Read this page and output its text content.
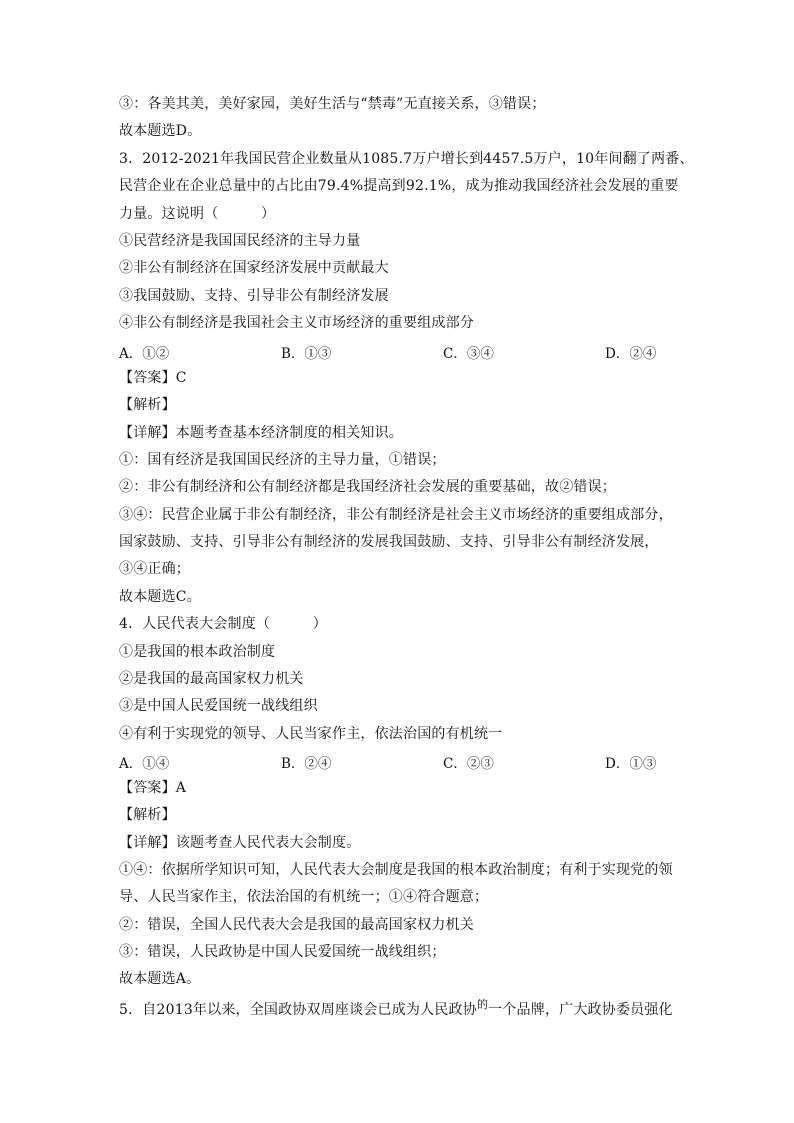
③：各美其美，美好家园，美好生活与“禁毒”无直接关系，③错误；
故本题选D。
3．2012-2021年我国民营企业数量从1085.7万户增长到4457.5万户，10年间翻了两番、
民营企业在企业总量中的占比由79.4%提高到92.1%，成为推动我国经济社会发展的重要
力量。这说明（　　　）
①民营经济是我国国民经济的主导力量
②非公有制经济在国家经济发展中贡献最大
③我国鼓励、支持、引导非公有制经济发展
④非公有制经济是我国社会主义市场经济的重要组成部分
A．①②	B．①③	C．③④	D．②④
【答案】C
【解析】
【详解】本题考查基本经济制度的相关知识。
①：国有经济是我国国民经济的主导力量，①错误；
②：非公有制经济和公有制经济都是我国经济社会发展的重要基础，故②错误；
③④：民营企业属于非公有制经济，非公有制经济是社会主义市场经济的重要组成部分，
国家鼓励、支持、引导非公有制经济的发展我国鼓励、支持、引导非公有制经济发展，
③④正确；
故本题选C。
4．人民代表大会制度（　　　）
①是我国的根本政治制度
②是我国的最高国家权力机关
③是中国人民爱国统一战线组织
④有利于实现党的领导、人民当家作主，依法治国的有机统一
A．①④	B．②④	C．②③	D．①③
【答案】A
【解析】
【详解】该题考查人民代表大会制度。
①④：依据所学知识可知，人民代表大会制度是我国的根本政治制度；有利于实现党的领
导、人民当家作主，依法治国的有机统一；①④符合题意；
②：错误，全国人民代表大会是我国的最高国家权力机关
③：错误，人民政协是中国人民爱国统一战线组织；
故本题选A。
5．自2013年以来，全国政协双周座谈会已成为人民政协$^的$一个品牌，广大政协委员强化
